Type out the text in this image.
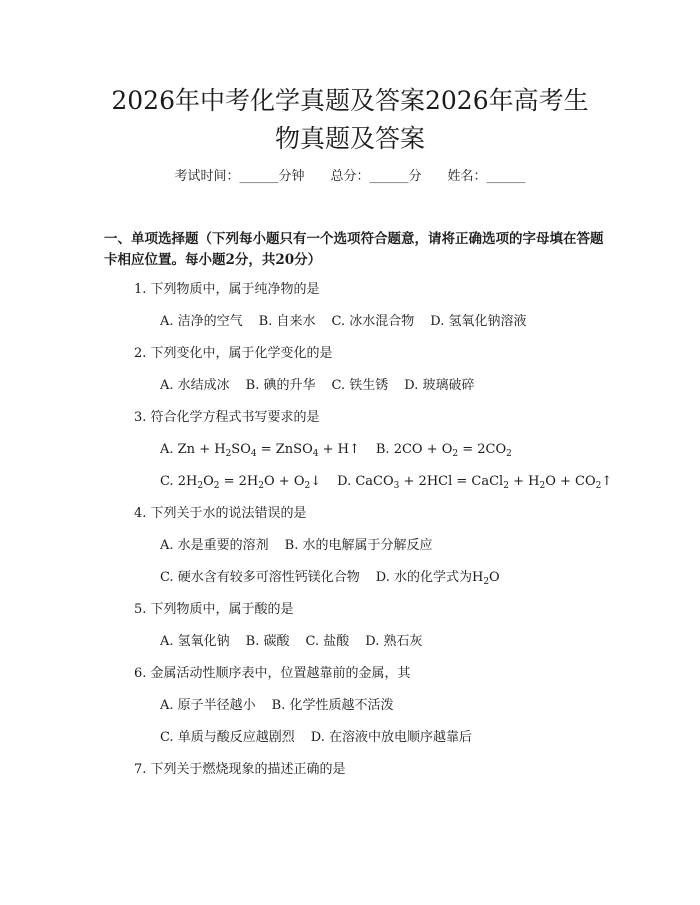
2026年中考化学真题及答案2026年高考生
物真题及答案
考试时间：______分钟 总分：______分 姓名：______
一、单项选择题（下列每小题只有一个选项符合题意，请将正确选项的字母填在答题卡相应位置。每小题2分，共20分）
1. 下列物质中，属于纯净物的是
A. 洁净的空气 B. 自来水 C. 冰水混合物 D. 氢氧化钠溶液
2. 下列变化中，属于化学变化的是
A. 水结成冰 B. 碘的升华 C. 铁生锈 D. 玻璃破碎
3. 符合化学方程式书写要求的是
A. $Zn + H_2SO_4$ = ZnSO$_4$ + H↑ B. $2CO + O_2 = 2CO_2$
C. $2H_2O_2 = 2H_2O$ + $O_2↓$ D. CaCO$_3$ + 2HCl = CaCl$_2$ + $H_2O$ + $CO_2↑$
4. 下列关于水的说法错误的是
A. 水是重要的溶剂 B. 水的电解属于分解反应
C. 硬水含有较多可溶性钙镁化合物 D. 水的化学式为$H_2O$
5. 下列物质中，属于酸的是
A. 氢氧化钠 B. 碳酸 C. 盐酸 D. 熟石灰
6. 金属活动性顺序表中，位置越靠前的金属，其
A. 原子半径越小 B. 化学性质越不活泼
C. 单质与酸反应越剧烈 D. 在溶液中放电顺序越靠后
7. 下列关于燃烧现象的描述正确的是
